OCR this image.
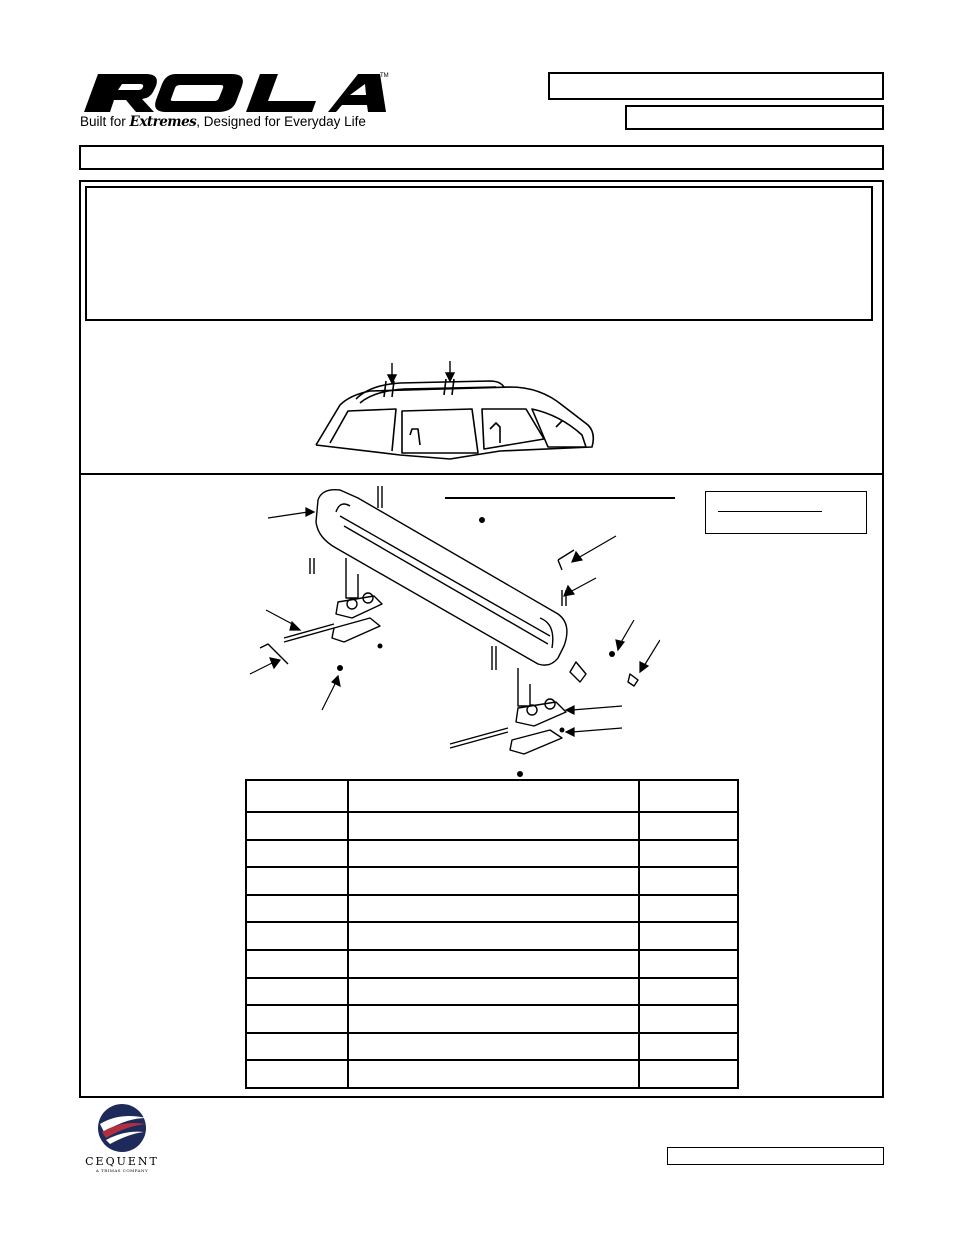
TM
Built for Extremes, Designed for Everyday Life

CEQUENT
A TRIMAS COMPANY
